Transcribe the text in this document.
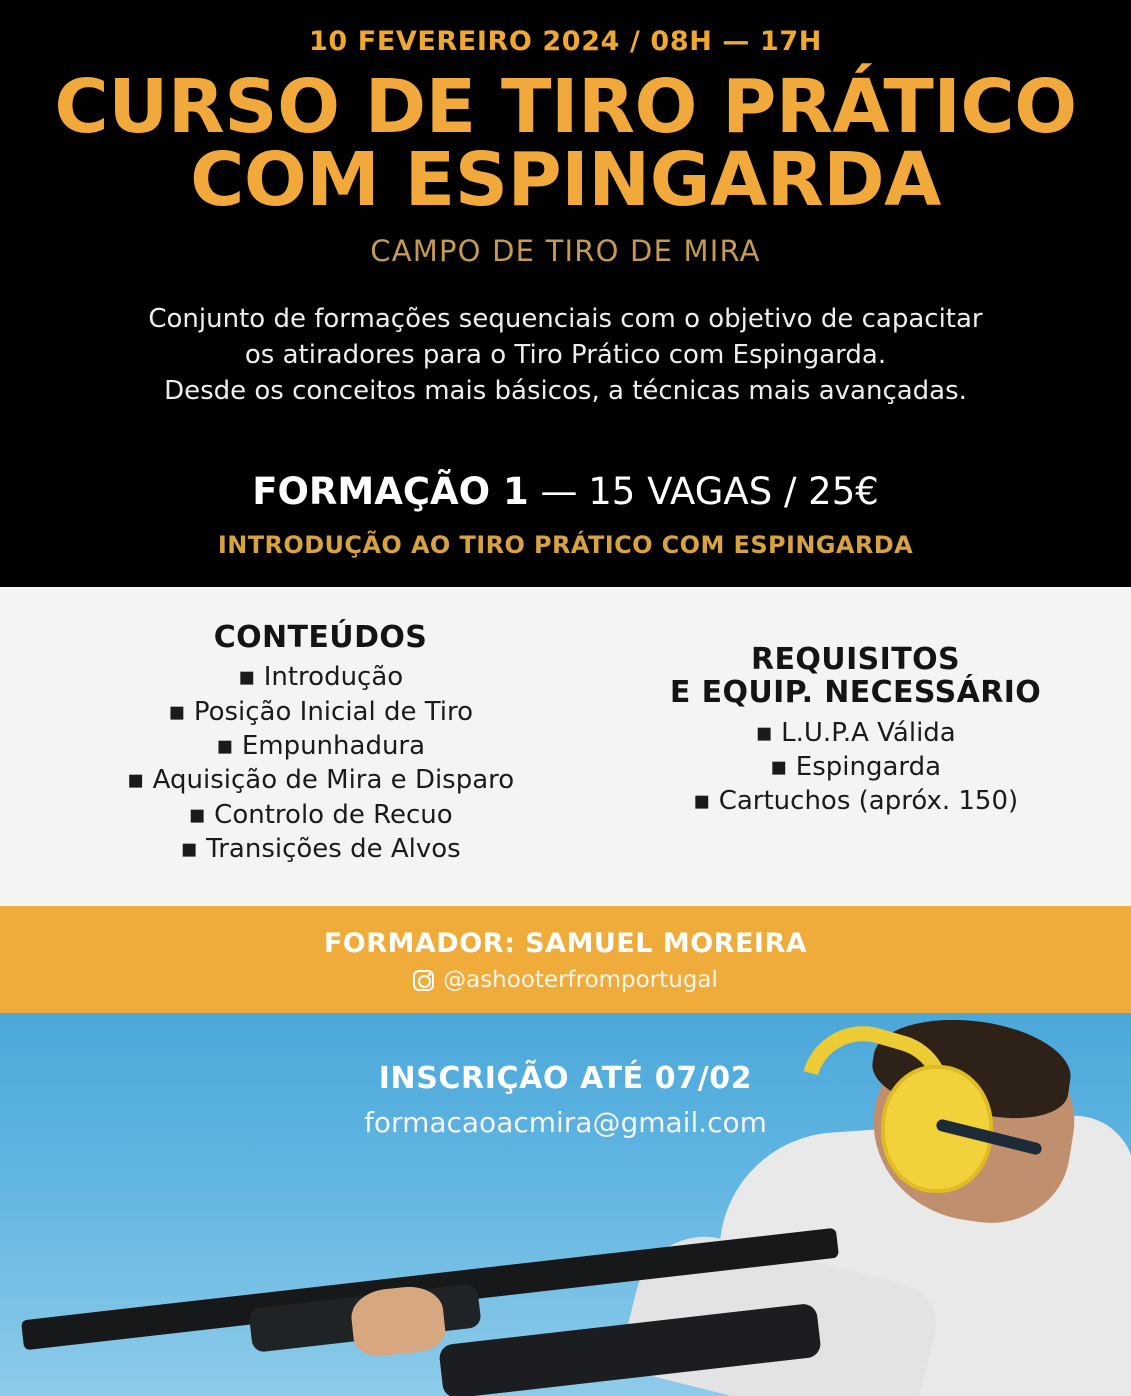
10 FEVEREIRO 2024 / 08H — 17H
CURSO DE TIRO PRÁTICO
COM ESPINGARDA
CAMPO DE TIRO DE MIRA
Conjunto de formações sequenciais com o objetivo de capacitar
os atiradores para o Tiro Prático com Espingarda.
Desde os conceitos mais básicos, a técnicas mais avançadas.
FORMAÇÃO 1 — 15 VAGAS / 25€
INTRODUÇÃO AO TIRO PRÁTICO COM ESPINGARDA
CONTEÚDOS
▪ Introdução
▪ Posição Inicial de Tiro
▪ Empunhadura
▪ Aquisição de Mira e Disparo
▪ Controlo de Recuo
▪ Transições de Alvos
REQUISITOS
E EQUIP. NECESSÁRIO
▪ L.U.P.A Válida
▪ Espingarda
▪ Cartuchos (apróx. 150)
FORMADOR: SAMUEL MOREIRA
@ashooterfromportugal
INSCRIÇÃO ATÉ 07/02
formacaoacmira@gmail.com
